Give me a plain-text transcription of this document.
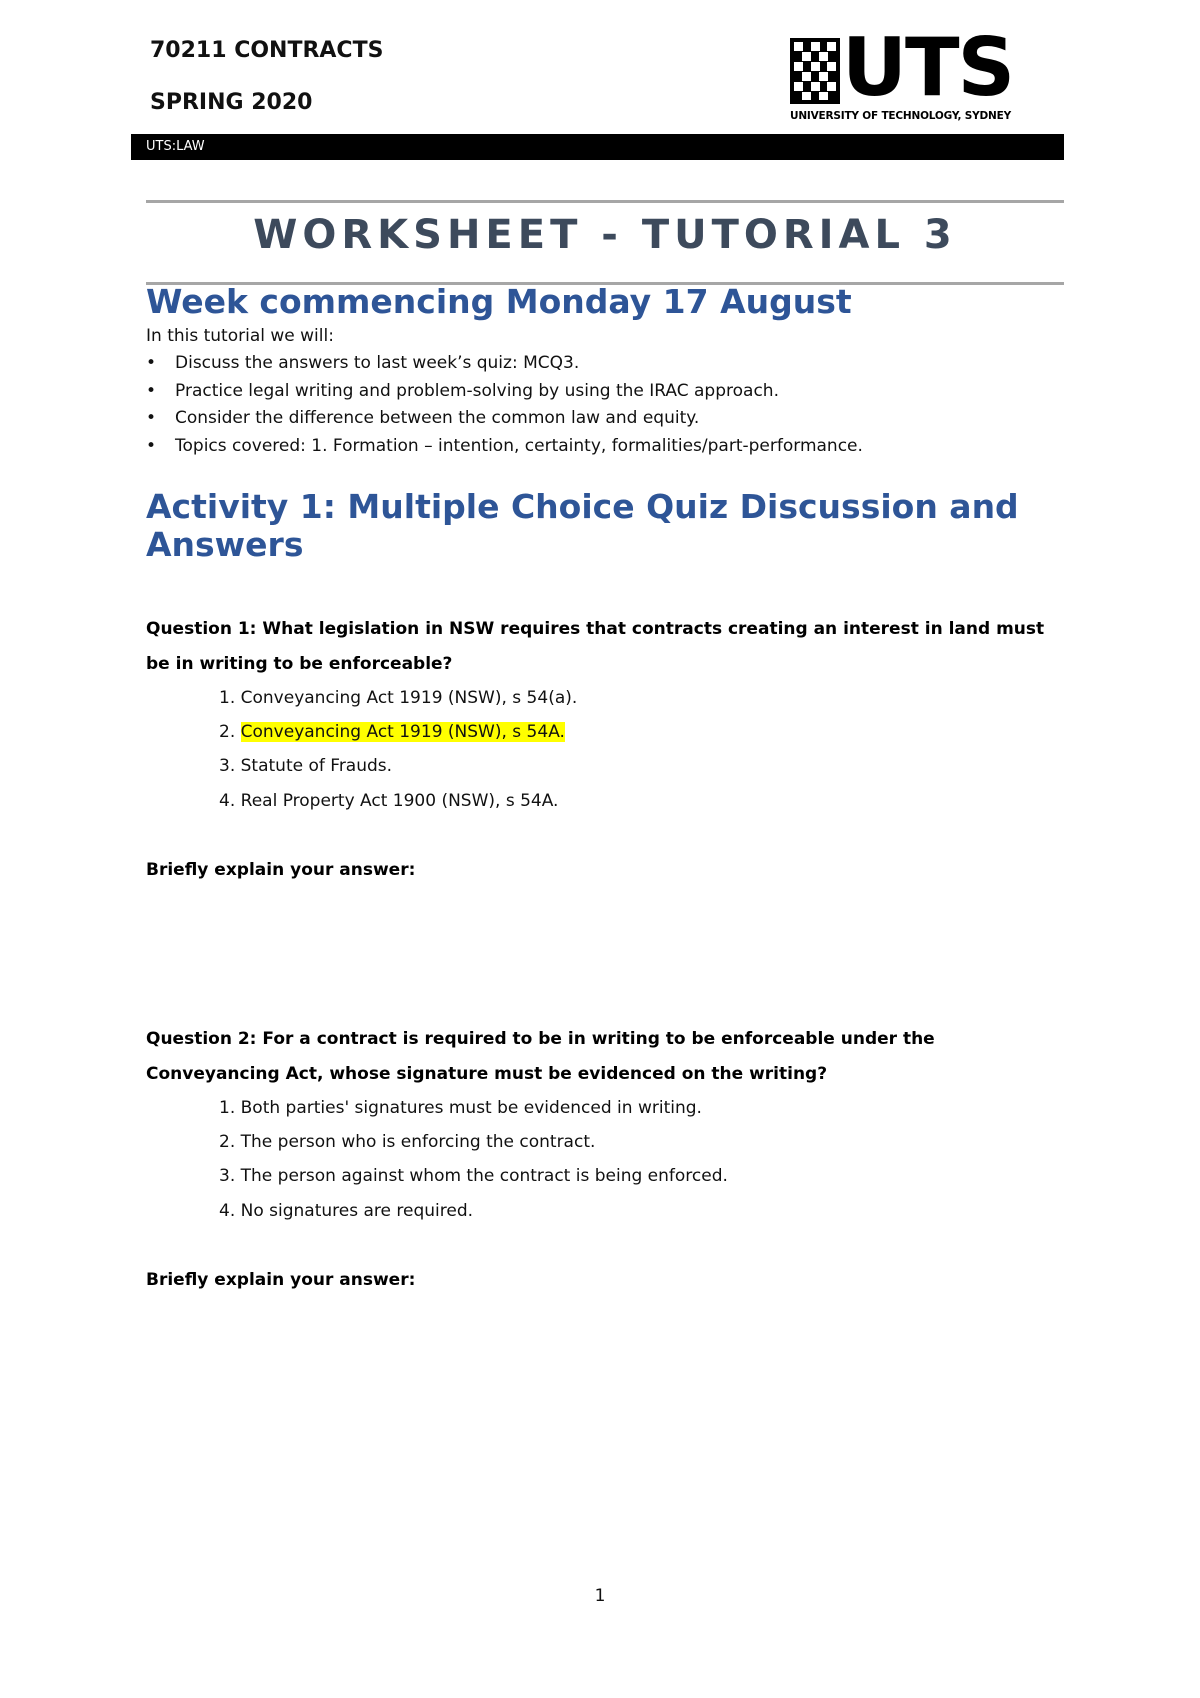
70211 CONTRACTS
SPRING 2020	UTS
UNIVERSITY OF TECHNOLOGY, SYDNEY
UTS:LAW
WORKSHEET - TUTORIAL 3
Week commencing Monday 17 August
In this tutorial we will:
• Discuss the answers to last week’s quiz: MCQ3.
• Practice legal writing and problem-solving by using the IRAC approach.
• Consider the difference between the common law and equity.
• Topics covered: 1. Formation – intention, certainty, formalities/part-performance.
Activity 1: Multiple Choice Quiz Discussion and Answers
Question 1: What legislation in NSW requires that contracts creating an interest in land must be in writing to be enforceable?
1. Conveyancing Act 1919 (NSW), s 54(a).
2. Conveyancing Act 1919 (NSW), s 54A.
3. Statute of Frauds.
4. Real Property Act 1900 (NSW), s 54A.
Briefly explain your answer:
Question 2: For a contract is required to be in writing to be enforceable under the Conveyancing Act, whose signature must be evidenced on the writing?
1. Both parties' signatures must be evidenced in writing.
2. The person who is enforcing the contract.
3. The person against whom the contract is being enforced.
4. No signatures are required.
Briefly explain your answer:
1
